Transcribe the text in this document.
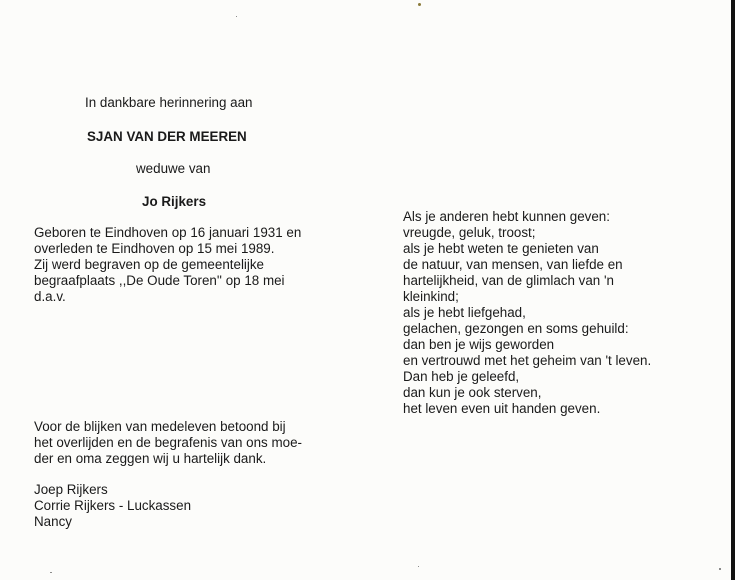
In dankbare herinnering aan
SJAN VAN DER MEEREN
weduwe van
Jo Rijkers
Geboren te Eindhoven op 16 januari 1931 en
overleden te Eindhoven op 15 mei 1989.
Zij werd begraven op de gemeentelijke
begraafplaats ,,De Oude Toren'' op 18 mei
d.a.v.
Voor de blijken van medeleven betoond bij
het overlijden en de begrafenis van ons moe-
der en oma zeggen wij u hartelijk dank.
Joep Rijkers
Corrie Rijkers - Luckassen
Nancy
Als je anderen hebt kunnen geven:
vreugde, geluk, troost;
als je hebt weten te genieten van
de natuur, van mensen, van liefde en
hartelijkheid, van de glimlach van 'n
kleinkind;
als je hebt liefgehad,
gelachen, gezongen en soms gehuild:
dan ben je wijs geworden
en vertrouwd met het geheim van 't leven.
Dan heb je geleefd,
dan kun je ook sterven,
het leven even uit handen geven.
